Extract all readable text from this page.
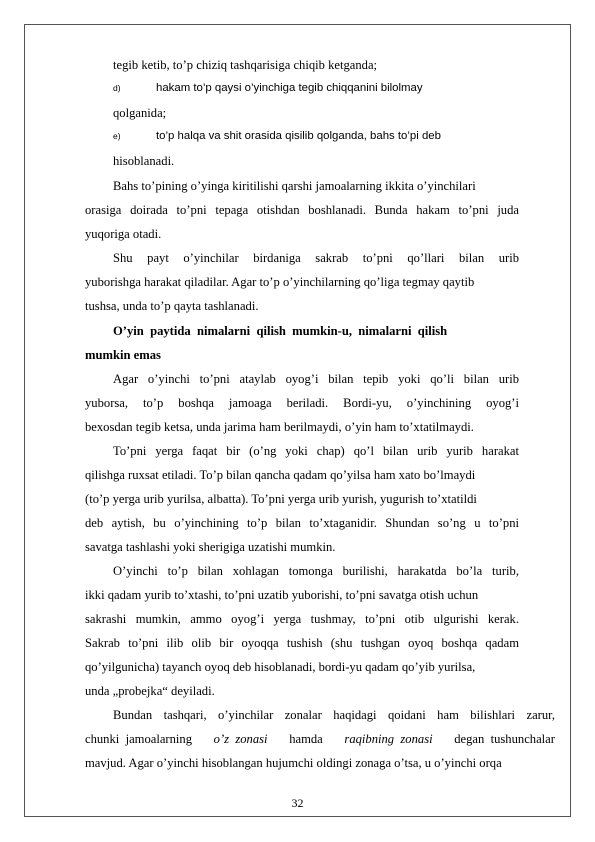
tegib ketib, to’p chiziq tashqarisiga chiqib ketganda;
d)	hakam to’p qaysi o’yinchiga tegib chiqqanini bilolmay
qolganida;
e)	to’p halqa va shit orasida qisilib qolganda, bahs to’pi deb
hisoblanadi.
Bahs to’pining o’yinga kiritilishi qarshi jamoalarning ikkita o’yinchilari
orasiga doirada to’pni tepaga otishdan boshlanadi. Bunda hakam to’pni juda
yuqoriga otadi.
Shu payt o’yinchilar birdaniga sakrab to’pni qo’llari bilan urib
yuborishga harakat qiladilar. Agar to’p o’yinchilarning qo’liga tegmay qaytib
tushsa, unda to’p qayta tashlanadi.
O’yin  paytida  nimalarni  qilish  mumkin-u,  nimalarni  qilish
mumkin emas
Agar o’yinchi to’pni ataylab oyog’i bilan tepib yoki qo’li bilan urib
yuborsa, to’p boshqa jamoaga beriladi. Bordi-yu, o’yinchining oyog’i
bexosdan tegib ketsa, unda jarima ham berilmaydi, o’yin ham to’xtatilmaydi.
To’pni yerga faqat bir (o’ng yoki chap) qo’l bilan urib yurib harakat
qilishga ruxsat etiladi. To’p bilan qancha qadam qo’yilsa ham xato bo’lmaydi
(to’p yerga urib yurilsa, albatta). To’pni yerga urib yurish, yugurish to’xtatildi
deb aytish, bu o’yinchining to’p bilan to’xtaganidir. Shundan so’ng u to’pni
savatga tashlashi yoki sherigiga uzatishi mumkin.
O’yinchi to’p bilan xohlagan tomonga burilishi, harakatda bo’la turib,
ikki qadam yurib to’xtashi, to’pni uzatib yuborishi, to’pni savatga otish uchun
sakrashi mumkin, ammo oyog’i yerga tushmay, to’pni otib ulgurishi kerak.
Sakrab to’pni ilib olib bir oyoqqa tushish (shu tushgan oyoq boshqa qadam
qo’yilgunicha) tayanch oyoq deb hisoblanadi, bordi-yu qadam qo’yib yurilsa,
unda „probejka“ deyiladi.
Bundan tashqari, o’yinchilar zonalar haqidagi qoidani ham bilishlari zarur,
chunki  jamoalarning o’z  zonasi hamda raqibning  zonasi degan  tushunchalar
mavjud. Agar o’yinchi hisoblangan hujumchi oldingi zonaga o’tsa, u o’yinchi orqa
32
